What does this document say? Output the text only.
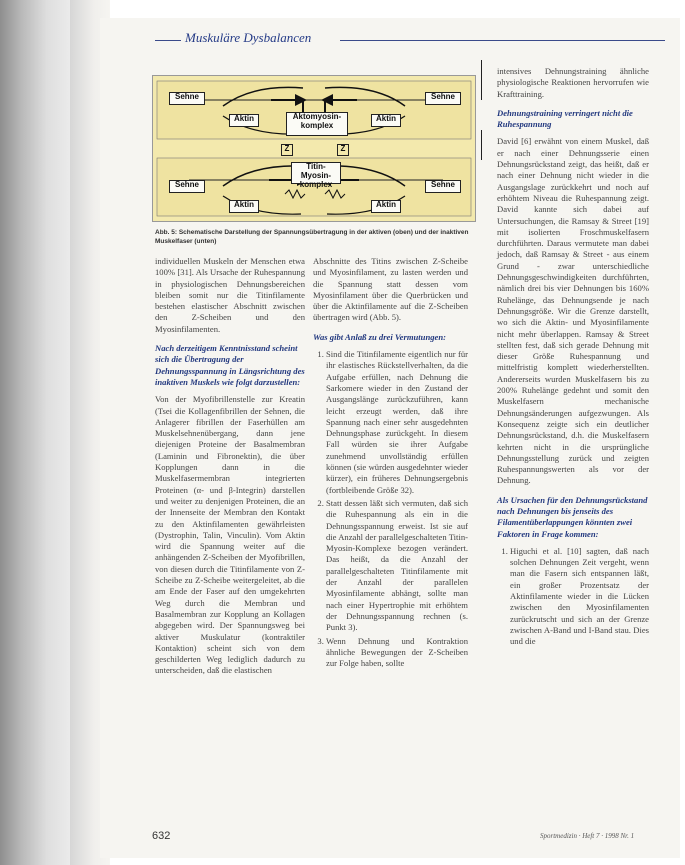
Muskuläre Dysbalancen
Sehne	Sehne
Aktin	Aktin
Aktomyosin-
komplex
Z	Z
Titin-Myosin-
komplex
Sehne	Sehne
Aktin	Aktin
Abb. 5: Schematische Darstellung der Spannungsübertragung in der aktiven (oben) und der inaktiven Muskelfaser (unten)

individuellen Muskeln der Menschen etwa 100% [31]. Als Ursache der Ruhespannung in physiologischen Dehnungsbereichen bleiben somit nur die Titinfilamente bestehen elastischer Abschnitt zwischen den Z-Scheiben und den Myosinfilamenten.

Nach derzeitigem Kenntnisstand scheint sich die Übertragung der Dehnungsspannung in Längsrichtung des inaktiven Muskels wie folgt darzustellen:

Von der Myofibrillenstelle zur Kreatin (Tsei die Kollagenfibrillen der Sehnen, die Anlagerer fibrillen der Faserhüllen am Muskelsehnenübergang, dann jene diejenigen Proteine der Basalmembran (Laminin und Fibronektin), die über Kopplungen dann in die Muskelfasermembran integrierten Proteinen (α- und β-Integrin) darstellen und weiter zu denjenigen Proteinen, die an der Innenseite der Membran den Kontakt zu den Aktinfilamenten gewährleisten (Dystrophin, Talin, Vinculin). Vom Aktin wird die Spannung weiter auf die anhängenden Z-Scheiben der Myofibrillen, von diesen durch die Titinfilamente von Z-Scheibe zu Z-Scheibe weitergeleitet, ab die am Ende der Faser auf den umgekehrten Weg durch die Membran und Basalmembran zur Kopplung an Kollagen abgegeben wird. Der Spannungsweg bei aktiver Muskulatur (kontraktiler Kontaktion) scheint sich von dem geschilderten Weg lediglich dadurch zu unterscheiden, daß die elastischen

Abschnitte des Titins zwischen Z-Scheibe und Myosinfilament, zu lasten werden und die Spannung statt dessen vom Myosinfilament über die Querbrücken und über die Aktinfilamente auf die Z-Scheiben übertragen wird (Abb. 5).

Was gibt Anlaß zu drei Vermutungen:

1. Sind die Titinfilamente eigentlich nur für ihr elastisches Rückstellverhalten, da die Aufgabe erfüllen, nach Dehnung die Sarkomere wieder in den Zustand der Ausgangslänge zurückzuführen, kann leicht erzeugt werden, daß ihre Spannung nach einer sehr ausgedehnten Dehnungsphase zurückgeht. In diesem Fall würden sie ihrer Aufgabe zunehmend unvollständig erfüllen können (sie würden ausgedehnter wieder kürzer), ein früheres Dehnungsergebnis (fortbleibende Größe 32).
2. Statt dessen läßt sich vermuten, daß sich die Ruhespannung als ein in die Dehnungsspannung erweist. Ist sie auf die Anzahl der parallelgeschalteten Titin-Myosin-Komplexe bezogen verändert. Das heißt, da die Anzahl der parallelgeschalteten Titinfilamente mit der Anzahl der parallelen Myosinfilamente abhängt, sollte man nach einer Hypertrophie mit erhöhtem der Dehnungsspannung rechnen (s. Punkt 3).
3. Wenn Dehnung und Kontraktion ähnliche Bewegungen der Z-Scheiben zur Folge haben, sollte

intensives Dehnungstraining ähnliche physiologische Reaktionen hervorrufen wie Krafttraining.

Dehnungstraining verringert nicht die Ruhespannung

David [6] erwähnt von einem Muskel, daß er nach einer Dehnungsserie einen Dehnungsrückstand zeigt, das heißt, daß er nach einer Dehnung nicht wieder in die Ausgangslage zurückkehrt und noch auf erhöhtem Niveau die Ruhespannung zeigt. David kannte sich dabei auf Untersuchungen, die Ramsay & Street [19] mit isolierten Froschmuskelfasern durchführten. Daraus vermutete man dabei jedoch, daß Ramsay & Street - aus einem Grund - zwar unterschiedliche Dehnungsgeschwindigkeiten durchführten, nämlich drei bis vier Dehnungen bis 160% Ruhelänge, das Dehnungsende je nach Dehnungsgröße. Wir die Grenze darstellt, wo sich die Aktin- und Myosinfilamente nicht mehr überlappen. Ramsay & Street stellten fest, daß sich gerade Dehnung mit dieser Größe Ruhespannung und mittelfristig komplett wiederherstellten. Andererseits wurden Muskelfasern bis zu 200% Ruhelänge gedehnt und somit den Muskelfasern mechanische Dehnungsänderungen aufgezwungen. Als Konsequenz zeigte sich ein deutlicher Dehnungsrückstand, d.h. die Muskelfasern kehrten nicht in die ursprüngliche Dehnungsstellung zurück und zeigten Ruhespannungswerten als vor der Dehnung.

Als Ursachen für den Dehnungsrückstand nach Dehnungen bis jenseits des Filamentüberlappungen könnten zwei Faktoren in Frage kommen:

1. Higuchi et al. [10] sagten, daß nach solchen Dehnungen Zeit vergeht, wenn man die Fasern sich entspannen läßt, ein großer Prozentsatz der Aktinfilamente wieder in die Lücken zwischen den Myosinfilamenten zurückrutscht und sich an der Grenze zwischen A-Band und I-Band stau. Dies und die
632	Sportmedizin · Heft 7 · 1998 Nr. 1
